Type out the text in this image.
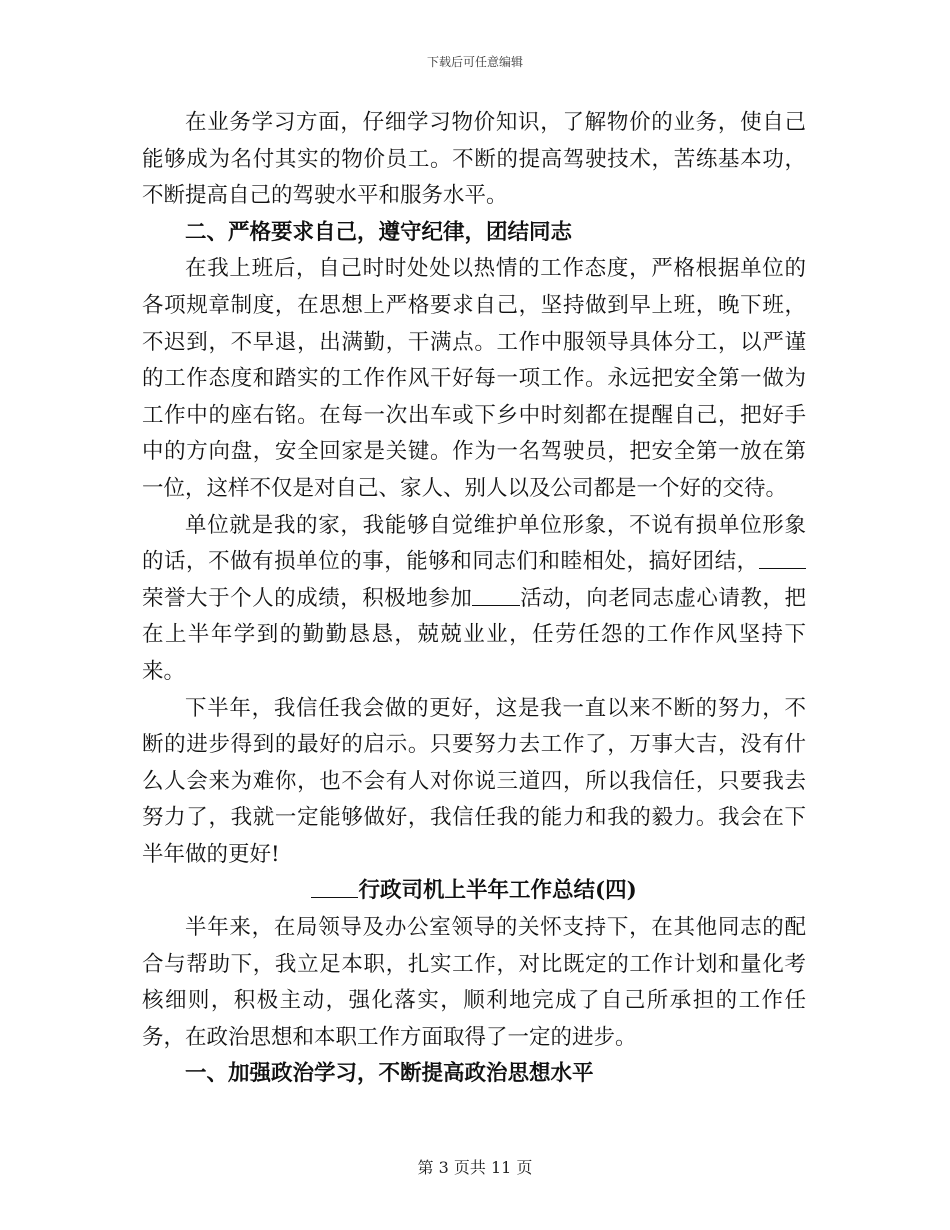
下载后可任意编辑

在业务学习方面，仔细学习物价知识，了解物价的业务，使自己能够成为名付其实的物价员工。不断的提高驾驶技术，苦练基本功，不断提高自己的驾驶水平和服务水平。

二、严格要求自己，遵守纪律，团结同志

在我上班后，自己时时处处以热情的工作态度，严格根据单位的各项规章制度，在思想上严格要求自己，坚持做到早上班，晚下班，不迟到，不早退，出满勤，干满点。工作中服领导具体分工，以严谨的工作态度和踏实的工作作风干好每一项工作。永远把安全第一做为工作中的座右铭。在每一次出车或下乡中时刻都在提醒自己，把好手中的方向盘，安全回家是关键。作为一名驾驶员，把安全第一放在第一位，这样不仅是对自己、家人、别人以及公司都是一个好的交待。

单位就是我的家，我能够自觉维护单位形象，不说有损单位形象的话，不做有损单位的事，能够和同志们和睦相处，搞好团结，荣誉大于个人的成绩，积极地参加 活动，向老同志虚心请教，把在上半年学到的勤勤恳恳，兢兢业业，任劳任怨的工作作风坚持下来。

下半年，我信任我会做的更好，这是我一直以来不断的努力，不断的进步得到的最好的启示。只要努力去工作了，万事大吉，没有什么人会来为难你，也不会有人对你说三道四，所以我信任，只要我去努力了，我就一定能够做好，我信任我的能力和我的毅力。我会在下半年做的更好!

行政司机上半年工作总结(四)

半年来，在局领导及办公室领导的关怀支持下，在其他同志的配合与帮助下，我立足本职，扎实工作，对比既定的工作计划和量化考核细则，积极主动，强化落实，顺利地完成了自己所承担的工作任务，在政治思想和本职工作方面取得了一定的进步。

一、加强政治学习，不断提高政治思想水平

第 3 页共 11 页
